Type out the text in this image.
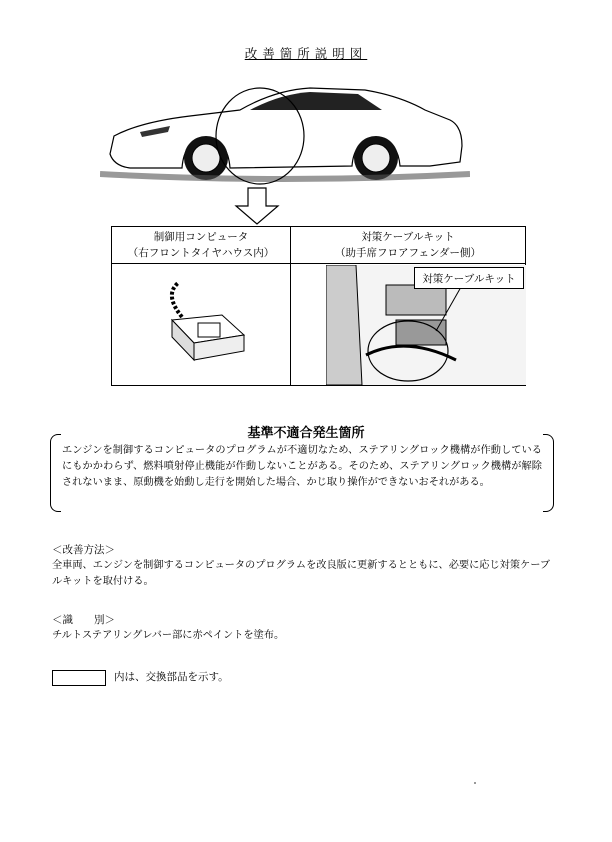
改善箇所説明図
制御用コンピュータ
（右フロントタイヤハウス内）
対策ケーブルキット
（助手席フロアフェンダー側）
対策ケーブルキット
基準不適合発生箇所
エンジンを制御するコンピュータのプログラムが不適切なため、ステアリングロック機構が作動しているにもかかわらず、燃料噴射停止機能が作動しないことがある。そのため、ステアリングロック機構が解除されないまま、原動機を始動し走行を開始した場合、かじ取り操作ができないおそれがある。
＜改善方法＞
全車両、エンジンを制御するコンピュータのプログラムを改良版に更新するとともに、必要に応じ対策ケーブルキットを取付ける。
＜識　　別＞
チルトステアリングレバー部に赤ペイントを塗布。
内は、交換部品を示す。
